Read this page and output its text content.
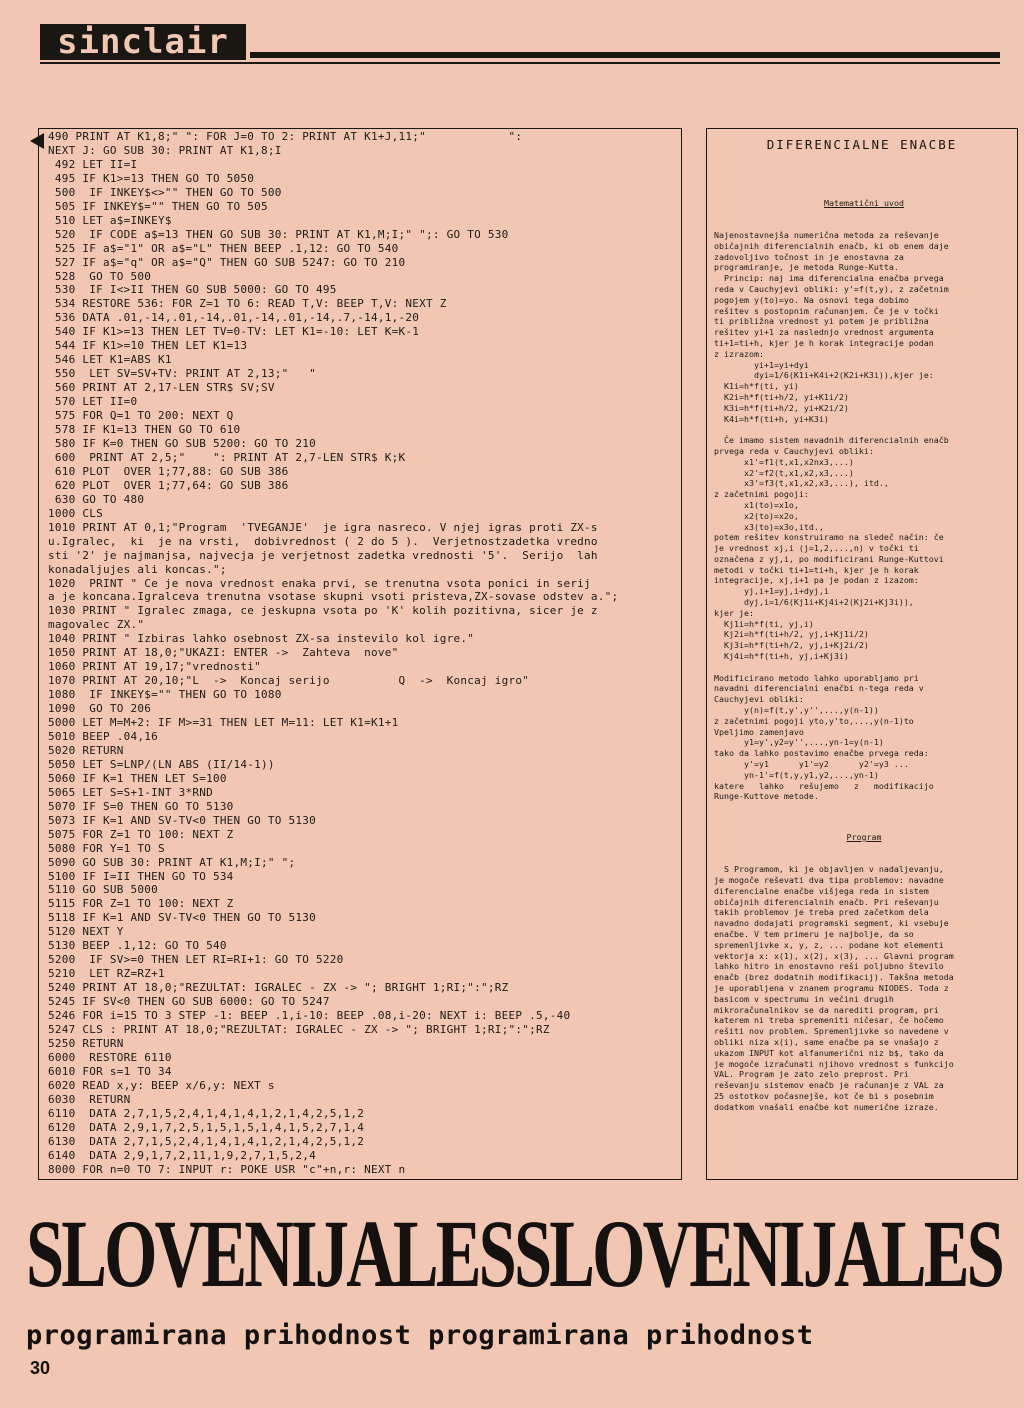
sinclair
490 PRINT AT K1,8;" ": FOR J=0 TO 2: PRINT AT K1+J,11;"            ":
NEXT J: GO SUB 30: PRINT AT K1,8;I
492 LET II=I
495 IF K1>=13 THEN GO TO 5050
500  IF INKEY$<>"" THEN GO TO 500
505 IF INKEY$="" THEN GO TO 505
510 LET a$=INKEY$
520  IF CODE a$=13 THEN GO SUB 30: PRINT AT K1,M;I;" ";: GO TO 530
525 IF a$="1" OR a$="L" THEN BEEP .1,12: GO TO 540
527 IF a$="q" OR a$="Q" THEN GO SUB 5247: GO TO 210
528  GO TO 500
530  IF I<>II THEN GO SUB 5000: GO TO 495
534 RESTORE 536: FOR Z=1 TO 6: READ T,V: BEEP T,V: NEXT Z
536 DATA .01,-14,.01,-14,.01,-14,.01,-14,.7,-14,1,-20
540 IF K1>=13 THEN LET TV=0-TV: LET K1=-10: LET K=K-1
544 IF K1>=10 THEN LET K1=13
546 LET K1=ABS K1
550  LET SV=SV+TV: PRINT AT 2,13;"   "
560 PRINT AT 2,17-LEN STR$ SV;SV
570 LET II=0
575 FOR Q=1 TO 200: NEXT Q
578 IF K1=13 THEN GO TO 610
580 IF K=0 THEN GO SUB 5200: GO TO 210
600  PRINT AT 2,5;"    ": PRINT AT 2,7-LEN STR$ K;K
610 PLOT  OVER 1;77,88: GO SUB 386
620 PLOT  OVER 1;77,64: GO SUB 386
630 GO TO 480
1000 CLS
1010 PRINT AT 0,1;"Program  'TVEGANJE'  je igra nasreco. V njej igras proti ZX-s
u.Igralec,  ki  je na vrsti,  dobivrednost ( 2 do 5 ).  Verjetnostzadetka vredno
sti '2' je najmanjsa, najvecja je verjetnost zadetka vrednosti '5'.  Serijo  lah
konadaljujes ali koncas.";
1020  PRINT " Ce je nova vrednost enaka prvi, se trenutna vsota ponici in serij
a je koncana.Igralceva trenutna vsotase skupni vsoti pristeva,ZX-sovase odstev a.";
1030 PRINT " Igralec zmaga, ce jeskupna vsota po 'K' kolih pozitivna, sicer je z
magovalec ZX."
1040 PRINT " Izbiras lahko osebnost ZX-sa instevilo kol igre."
1050 PRINT AT 18,0;"UKAZI: ENTER ->  Zahteva  nove"
1060 PRINT AT 19,17;"vrednosti"
1070 PRINT AT 20,10;"L  ->  Koncaj serijo          Q  ->  Koncaj igro"
1080  IF INKEY$="" THEN GO TO 1080
1090  GO TO 206
5000 LET M=M+2: IF M>=31 THEN LET M=11: LET K1=K1+1
5010 BEEP .04,16
5020 RETURN
5050 LET S=LNP/(LN ABS (II/14-1))
5060 IF K=1 THEN LET S=100
5065 LET S=S+1-INT 3*RND
5070 IF S=0 THEN GO TO 5130
5073 IF K=1 AND SV-TV<0 THEN GO TO 5130
5075 FOR Z=1 TO 100: NEXT Z
5080 FOR Y=1 TO S
5090 GO SUB 30: PRINT AT K1,M;I;" ";
5100 IF I=II THEN GO TO 534
5110 GO SUB 5000
5115 FOR Z=1 TO 100: NEXT Z
5118 IF K=1 AND SV-TV<0 THEN GO TO 5130
5120 NEXT Y
5130 BEEP .1,12: GO TO 540
5200  IF SV>=0 THEN LET RI=RI+1: GO TO 5220
5210  LET RZ=RZ+1
5240 PRINT AT 18,0;"REZULTAT: IGRALEC - ZX -> "; BRIGHT 1;RI;":";RZ
5245 IF SV<0 THEN GO SUB 6000: GO TO 5247
5246 FOR i=15 TO 3 STEP -1: BEEP .1,i-10: BEEP .08,i-20: NEXT i: BEEP .5,-40
5247 CLS : PRINT AT 18,0;"REZULTAT: IGRALEC - ZX -> "; BRIGHT 1;RI;":";RZ
5250 RETURN
6000  RESTORE 6110
6010 FOR s=1 TO 34
6020 READ x,y: BEEP x/6,y: NEXT s
6030  RETURN
6110  DATA 2,7,1,5,2,4,1,4,1,4,1,2,1,4,2,5,1,2
6120  DATA 2,9,1,7,2,5,1,5,1,5,1,4,1,5,2,7,1,4
6130  DATA 2,7,1,5,2,4,1,4,1,4,1,2,1,4,2,5,1,2
6140  DATA 2,9,1,7,2,11,1,9,2,7,1,5,2,4
8000 FOR n=0 TO 7: INPUT r: POKE USR "c"+n,r: NEXT n
DIFERENCIALNE ENACBE

Matematični uvod

Najenostavnejša numerična metoda za reševanje
običajnih diferencialnih enačb, ki ob enem daje
zadovoljivo točnost in je enostavna za
programiranje, je metoda Runge-Kutta.
Princip: naj ima diferencialna enačba prvega
reda v Cauchyjevi obliki: y'=f(t,y), z začetnim
pogojem y(to)=yo. Na osnovi tega dobimo
rešitev s postopnim računanjem. Če je v točki
ti približna vrednost yi potem je približna
rešitev yi+1 za naslednjo vrednost argumenta
ti+1=ti+h, kjer je h korak integracije podan
z izrazom:
yi+1=yi+dyi
dyi=1/6(K1i+K4i+2(K2i+K3i)),kjer je:
K1i=h*f(ti, yi)
K2i=h*f(ti+h/2, yi+K1i/2)
K3i=h*f(ti+h/2, yi+K2i/2)
K4i=h*f(ti+h, yi+K3i)

Če imamo sistem navadnih diferencialnih enačb
prvega reda v Cauchyjevi obliki:
x1'=f1(t,x1,x2nx3,...)
x2'=f2(t,x1,x2,x3,...)
x3'=f3(t,x1,x2,x3,...), itd.,
z začetnimi pogoji:
x1(to)=x1o,
x2(to)=x2o,
x3(to)=x3o,itd.,
potem rešitev konstruiramo na sledeč način: če
je vrednost xj,i (j=1,2,...,n) v točki ti
označena z yj,i, po modificirani Runge-Kuttovi
metodi v točki ti+1=ti+h, kjer je h korak
integracije, xj,i+1 pa je podan z izazom:
yj,i+1=yj,i+dyj,i
dyj,i=1/6(Kj1i+Kj4i+2(Kj2i+Kj3i)),
kjer je:
Kj1i=h*f(ti, yj,i)
Kj2i=h*f(ti+h/2, yj,i+Kj1i/2)
Kj3i=h*f(ti+h/2, yj,i+Kj2i/2)
Kj4i=h*f(ti+h, yj,i+Kj3i)

Modificirano metodo lahko uporabljamo pri
navadni diferencialni enačbi n-tega reda v
Cauchyjevi obliki:
y(n)=f(t,y',y'',...,y(n-1))
z začetnimi pogoji yto,y'to,...,y(n-1)to
Vpeljimo zamenjavo
y1=y',y2=y'',...,yn-1=y(n-1)
tako da lahko postavimo enačbe prvega reda:
y'=y1      y1'=y2      y2'=y3 ...
yn-1'=f(t,y,y1,y2,...,yn-1)
katere   lahko   rešujemo   z   modifikacijo
Runge-Kuttove metode.

Program

S Programom, ki je objavljen v nadaljevanju,
je mogoče reševati dva tipa problemov: navadne
diferencialne enačbe višjega reda in sistem
običajnih diferencialnih enačb. Pri reševanju
takih problemov je treba pred začetkom dela
navadno dodajati programski segment, ki vsebuje
enačbe. V tem primeru je najbolje, da so
spremenljivke x, y, z, ... podane kot elementi
vektorja x: x(1), x(2), x(3), ... Glavni program
lahko hitro in enostavno reši poljubno število
enačb (brez dodatnih modifikacij). Takšna metoda
je uporabljena v znanem programu NIODES. Toda z
basicom v spectrumu in večini drugih
mikroračunalnikov se da narediti program, pri
katerem ni treba spremeniti ničesar, če hočemo
rešiti nov problem. Spremenljivke so navedene v
obliki niza x(i), same enačbe pa se vnašajo z
ukazom INPUT kot alfanumerični niz b$, tako da
je mogoče izračunati njihovo vrednost s funkcijo
VAL. Program je zato zelo preprost. Pri
reševanju sistemov enačb je računanje z VAL za
25 ostotkov počasnejše, kot če bi s posebnim
dodatkom vnašali enačbe kot numerične izraze.

SLOVENIJALESSLOVENIJALES
programirana prihodnost programirana prihodnost
30
